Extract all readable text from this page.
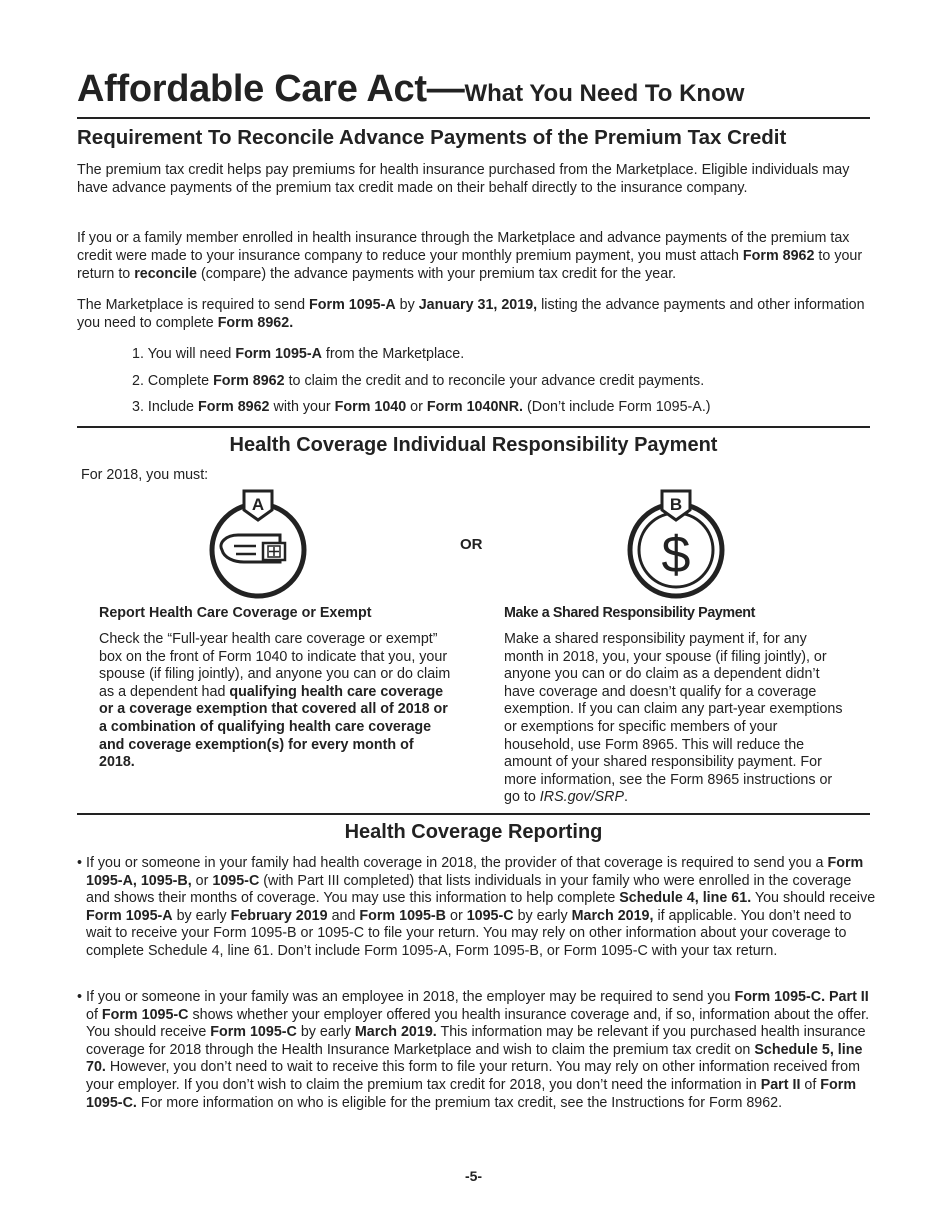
Affordable Care Act—What You Need To Know
Requirement To Reconcile Advance Payments of the Premium Tax Credit

The premium tax credit helps pay premiums for health insurance purchased from the Marketplace. Eligible individuals may have advance payments of the premium tax credit made on their behalf directly to the insurance company.

If you or a family member enrolled in health insurance through the Marketplace and advance payments of the premium tax credit were made to your insurance company to reduce your monthly premium payment, you must attach Form 8962 to your return to reconcile (compare) the advance payments with your premium tax credit for the year.

The Marketplace is required to send Form 1095-A by January 31, 2019, listing the advance payments and other information you need to complete Form 8962.

1. You will need Form 1095-A from the Marketplace.
2. Complete Form 8962 to claim the credit and to reconcile your advance credit payments.
3. Include Form 8962 with your Form 1040 or Form 1040NR. (Don’t include Form 1095-A.)
Health Coverage Individual Responsibility Payment
For 2018, you must:
A
OR
B
$
Report Health Care Coverage or Exempt

Check the “Full-year health care coverage or exempt” box on the front of Form 1040 to indicate that you, your spouse (if filing jointly), and anyone you can or do claim as a dependent had qualifying health care coverage or a coverage exemption that covered all of 2018 or a combination of qualifying health care coverage and coverage exemption(s) for every month of 2018.

Make a Shared Responsibility Payment

Make a shared responsibility payment if, for any month in 2018, you, your spouse (if filing jointly), or anyone you can or do claim as a dependent didn’t have coverage and doesn’t qualify for a coverage exemption. If you can claim any part-year exemptions or exemptions for specific members of your household, use Form 8965. This will reduce the amount of your shared responsibility payment. For more information, see the Form 8965 instructions or go to IRS.gov/SRP.

Health Coverage Reporting

• If you or someone in your family had health coverage in 2018, the provider of that coverage is required to send you a Form 1095-A, 1095-B, or 1095-C (with Part III completed) that lists individuals in your family who were enrolled in the coverage and shows their months of coverage. You may use this information to help complete Schedule 4, line 61. You should receive Form 1095-A by early February 2019 and Form 1095-B or 1095-C by early March 2019, if applicable. You don’t need to wait to receive your Form 1095-B or 1095-C to file your return. You may rely on other information about your coverage to complete Schedule 4, line 61. Don’t include Form 1095-A, Form 1095-B, or Form 1095-C with your tax return.

• If you or someone in your family was an employee in 2018, the employer may be required to send you Form 1095-C. Part II of Form 1095-C shows whether your employer offered you health insurance coverage and, if so, information about the offer. You should receive Form 1095-C by early March 2019. This information may be relevant if you purchased health insurance coverage for 2018 through the Health Insurance Marketplace and wish to claim the premium tax credit on Schedule 5, line 70. However, you don’t need to wait to receive this form to file your return. You may rely on other information received from your employer. If you don’t wish to claim the premium tax credit for 2018, you don’t need the information in Part II of Form 1095-C. For more information on who is eligible for the premium tax credit, see the Instructions for Form 8962.

-5-
